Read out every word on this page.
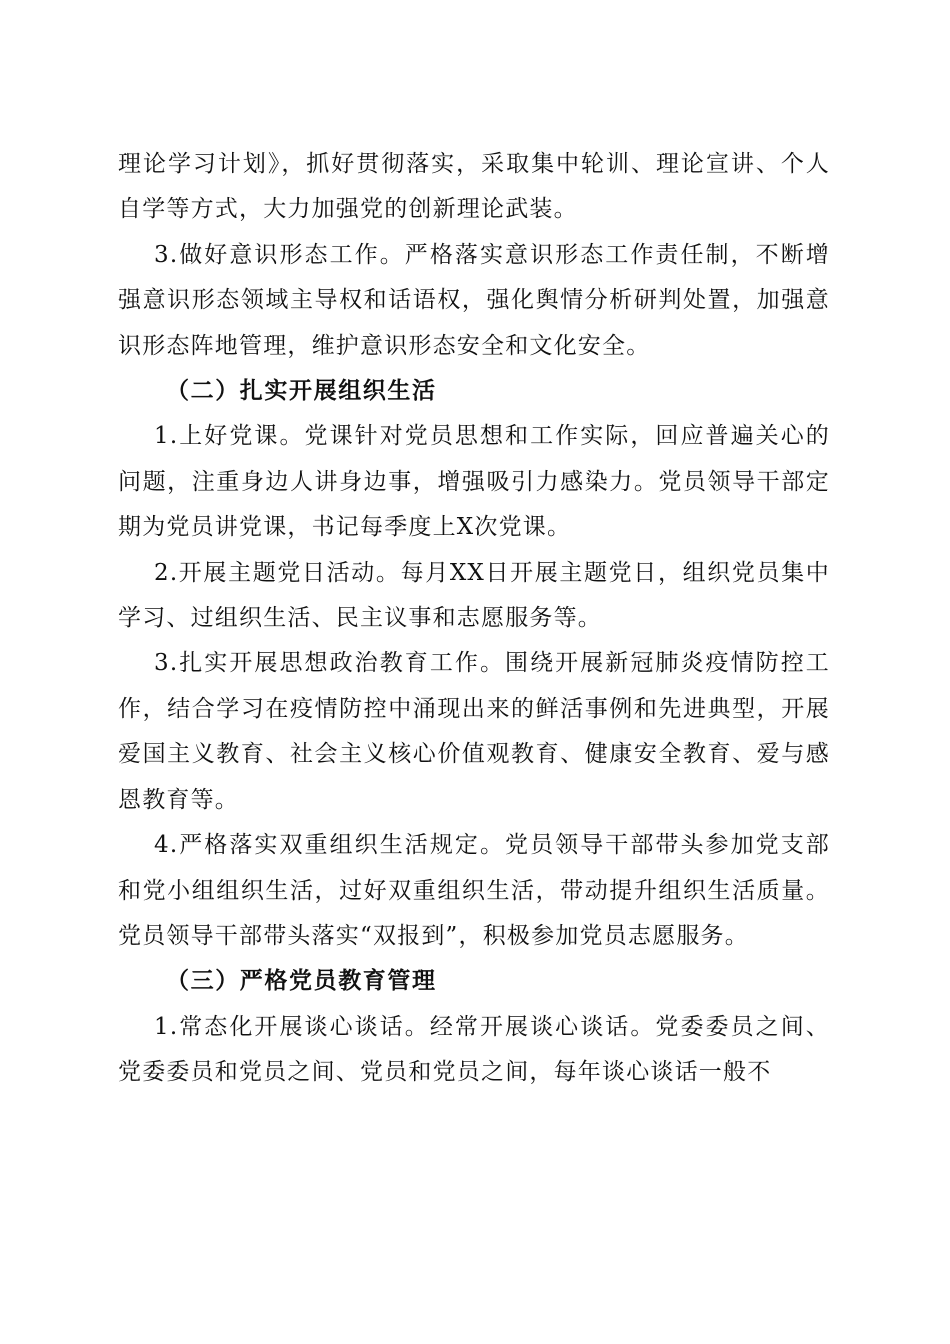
理论学习计划》，抓好贯彻落实，采取集中轮训、理论宣讲、个人自学等方式，大力加强党的创新理论武装。

3.做好意识形态工作。严格落实意识形态工作责任制，不断增强意识形态领域主导权和话语权，强化舆情分析研判处置，加强意识形态阵地管理，维护意识形态安全和文化安全。

（二）扎实开展组织生活

1.上好党课。党课针对党员思想和工作实际，回应普遍关心的问题，注重身边人讲身边事，增强吸引力感染力。党员领导干部定期为党员讲党课，书记每季度上X次党课。

2.开展主题党日活动。每月XX日开展主题党日，组织党员集中学习、过组织生活、民主议事和志愿服务等。

3.扎实开展思想政治教育工作。围绕开展新冠肺炎疫情防控工作，结合学习在疫情防控中涌现出来的鲜活事例和先进典型，开展爱国主义教育、社会主义核心价值观教育、健康安全教育、爱与感恩教育等。

4.严格落实双重组织生活规定。党员领导干部带头参加党支部和党小组组织生活，过好双重组织生活，带动提升组织生活质量。党员领导干部带头落实“双报到”，积极参加党员志愿服务。

（三）严格党员教育管理

1.常态化开展谈心谈话。经常开展谈心谈话。党委委员之间、党委委员和党员之间、党员和党员之间，每年谈心谈话一般不
